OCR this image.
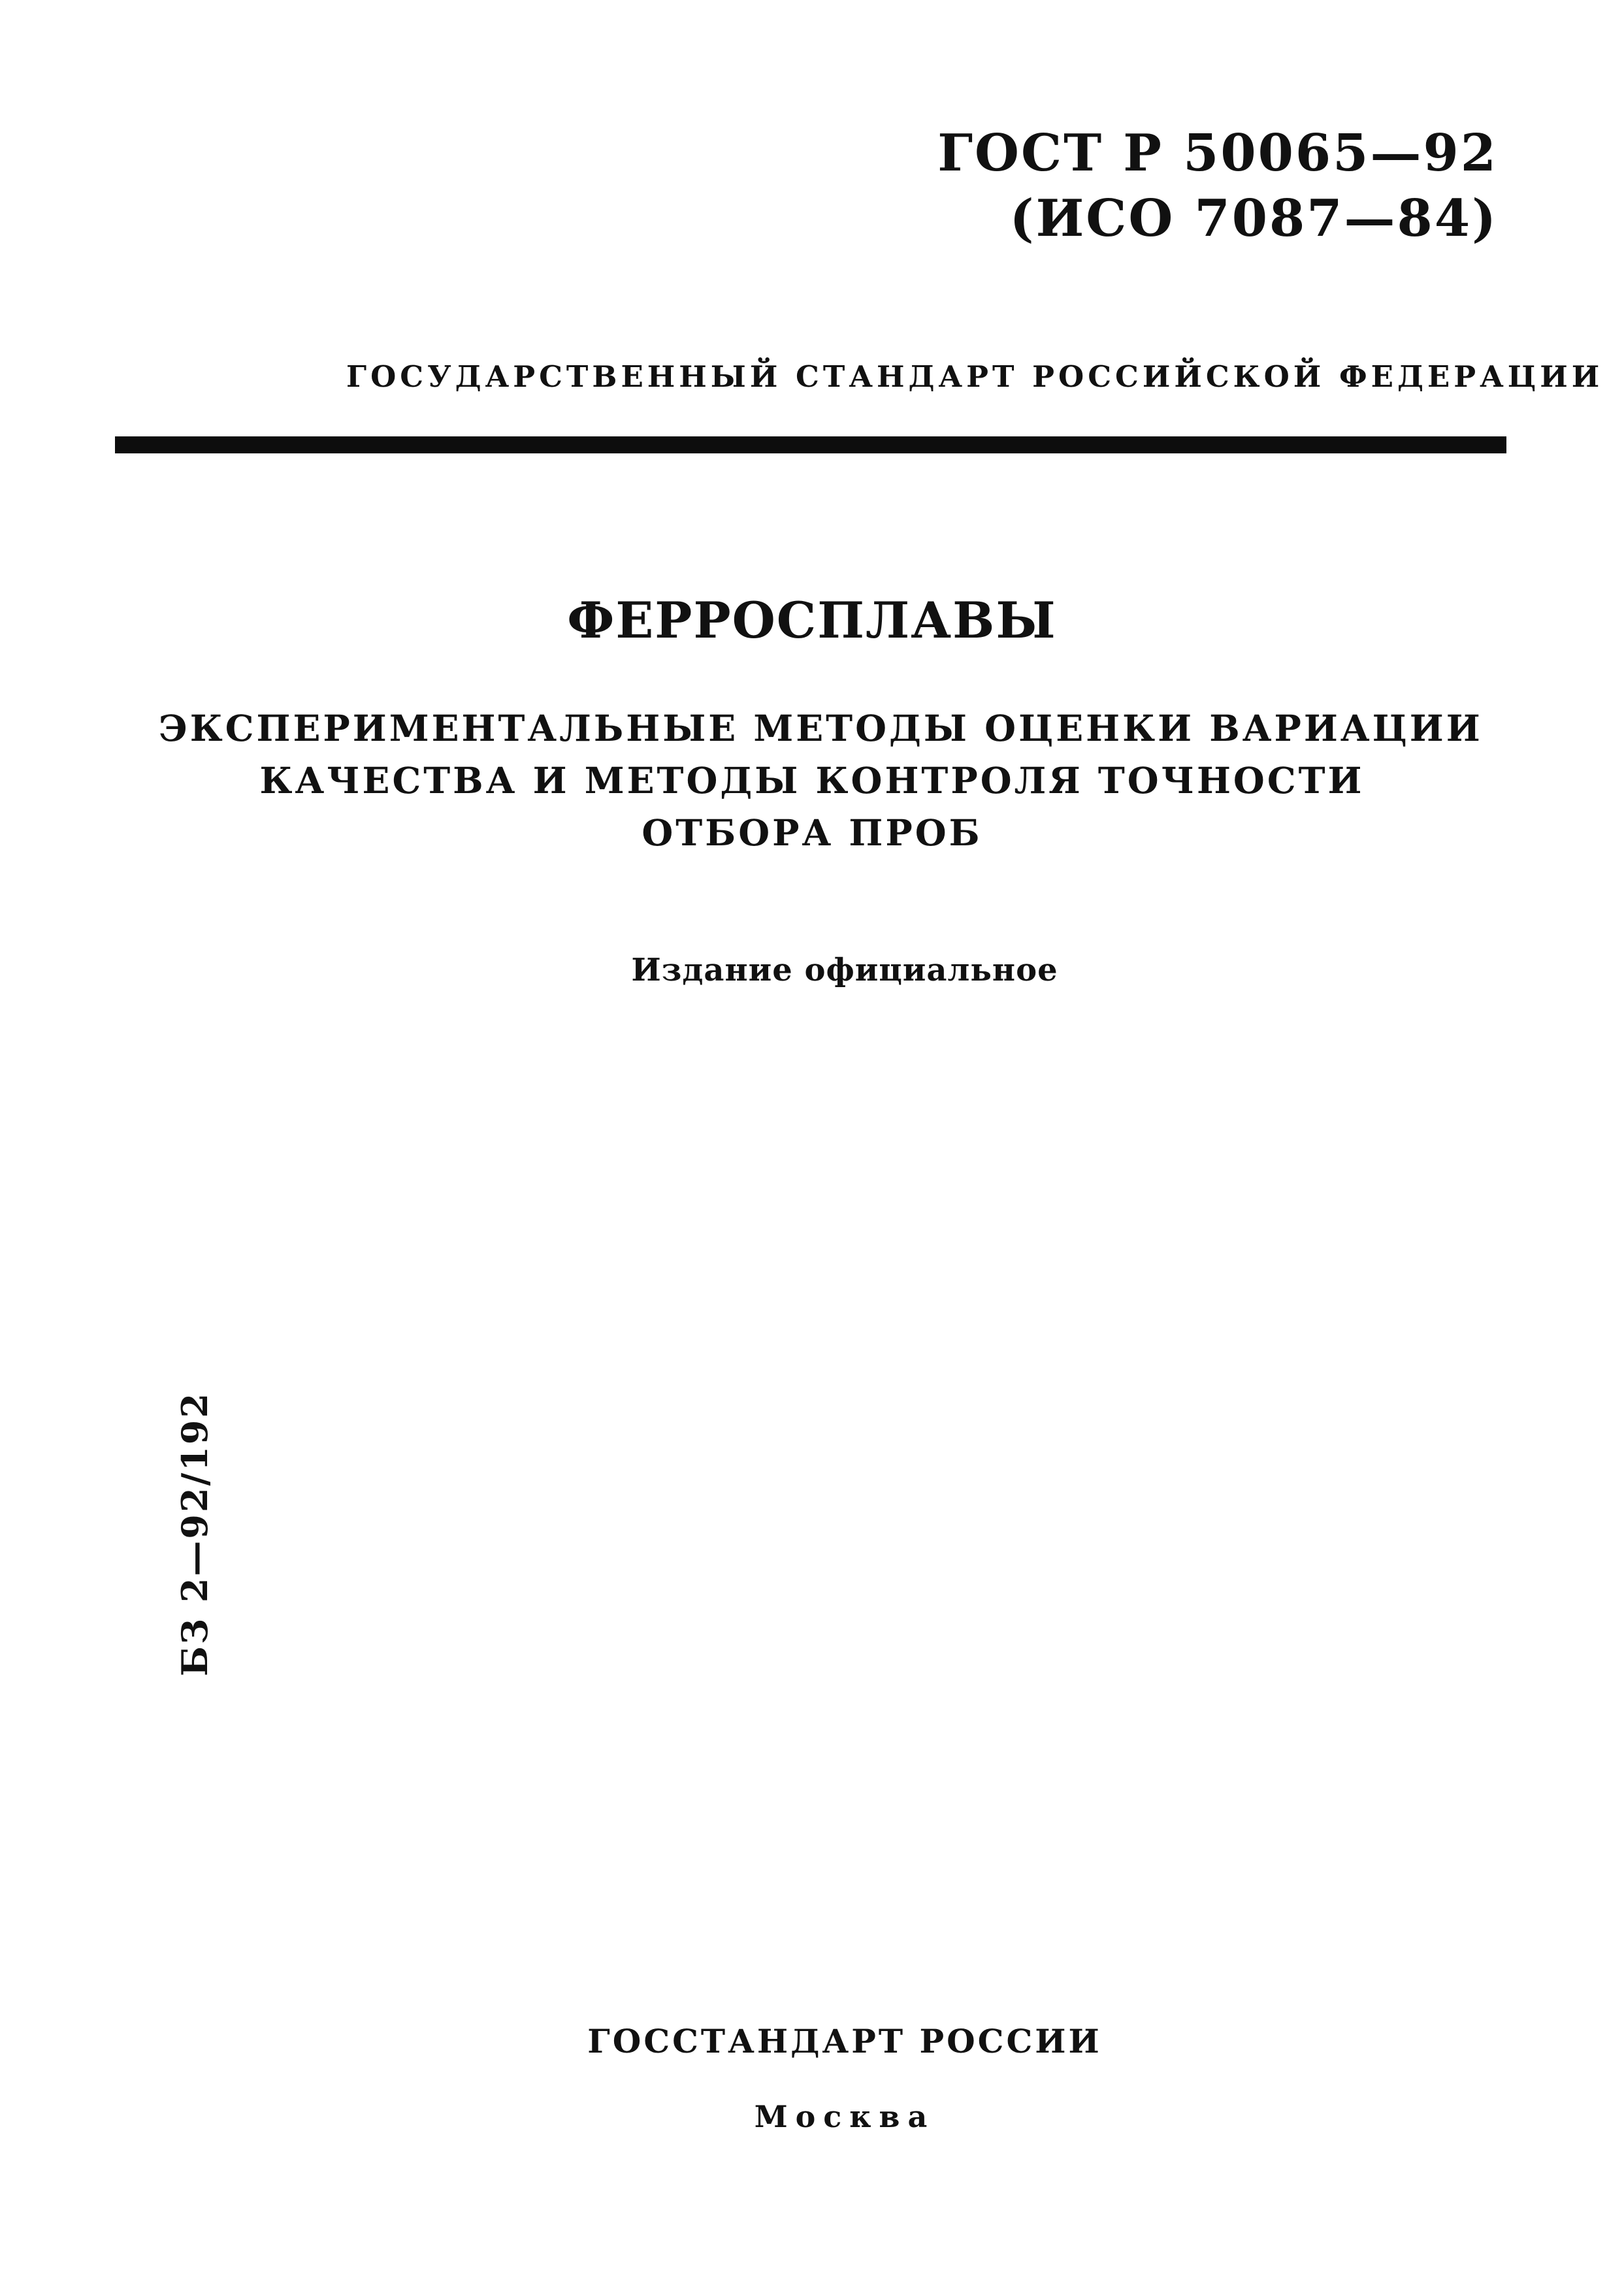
ГОСТ Р 50065—92
(ИСО 7087—84)
ГОСУДАРСТВЕННЫЙ СТАНДАРТ РОССИЙСКОЙ ФЕДЕРАЦИИ
ФЕРРОСПЛАВЫ
ЭКСПЕРИМЕНТАЛЬНЫЕ МЕТОДЫ ОЦЕНКИ ВАРИАЦИИ
КАЧЕСТВА И МЕТОДЫ КОНТРОЛЯ ТОЧНОСТИ
ОТБОРА ПРОБ
Издание официальное
БЗ 2—92/192
ГОССТАНДАРТ РОССИИ
Москва
